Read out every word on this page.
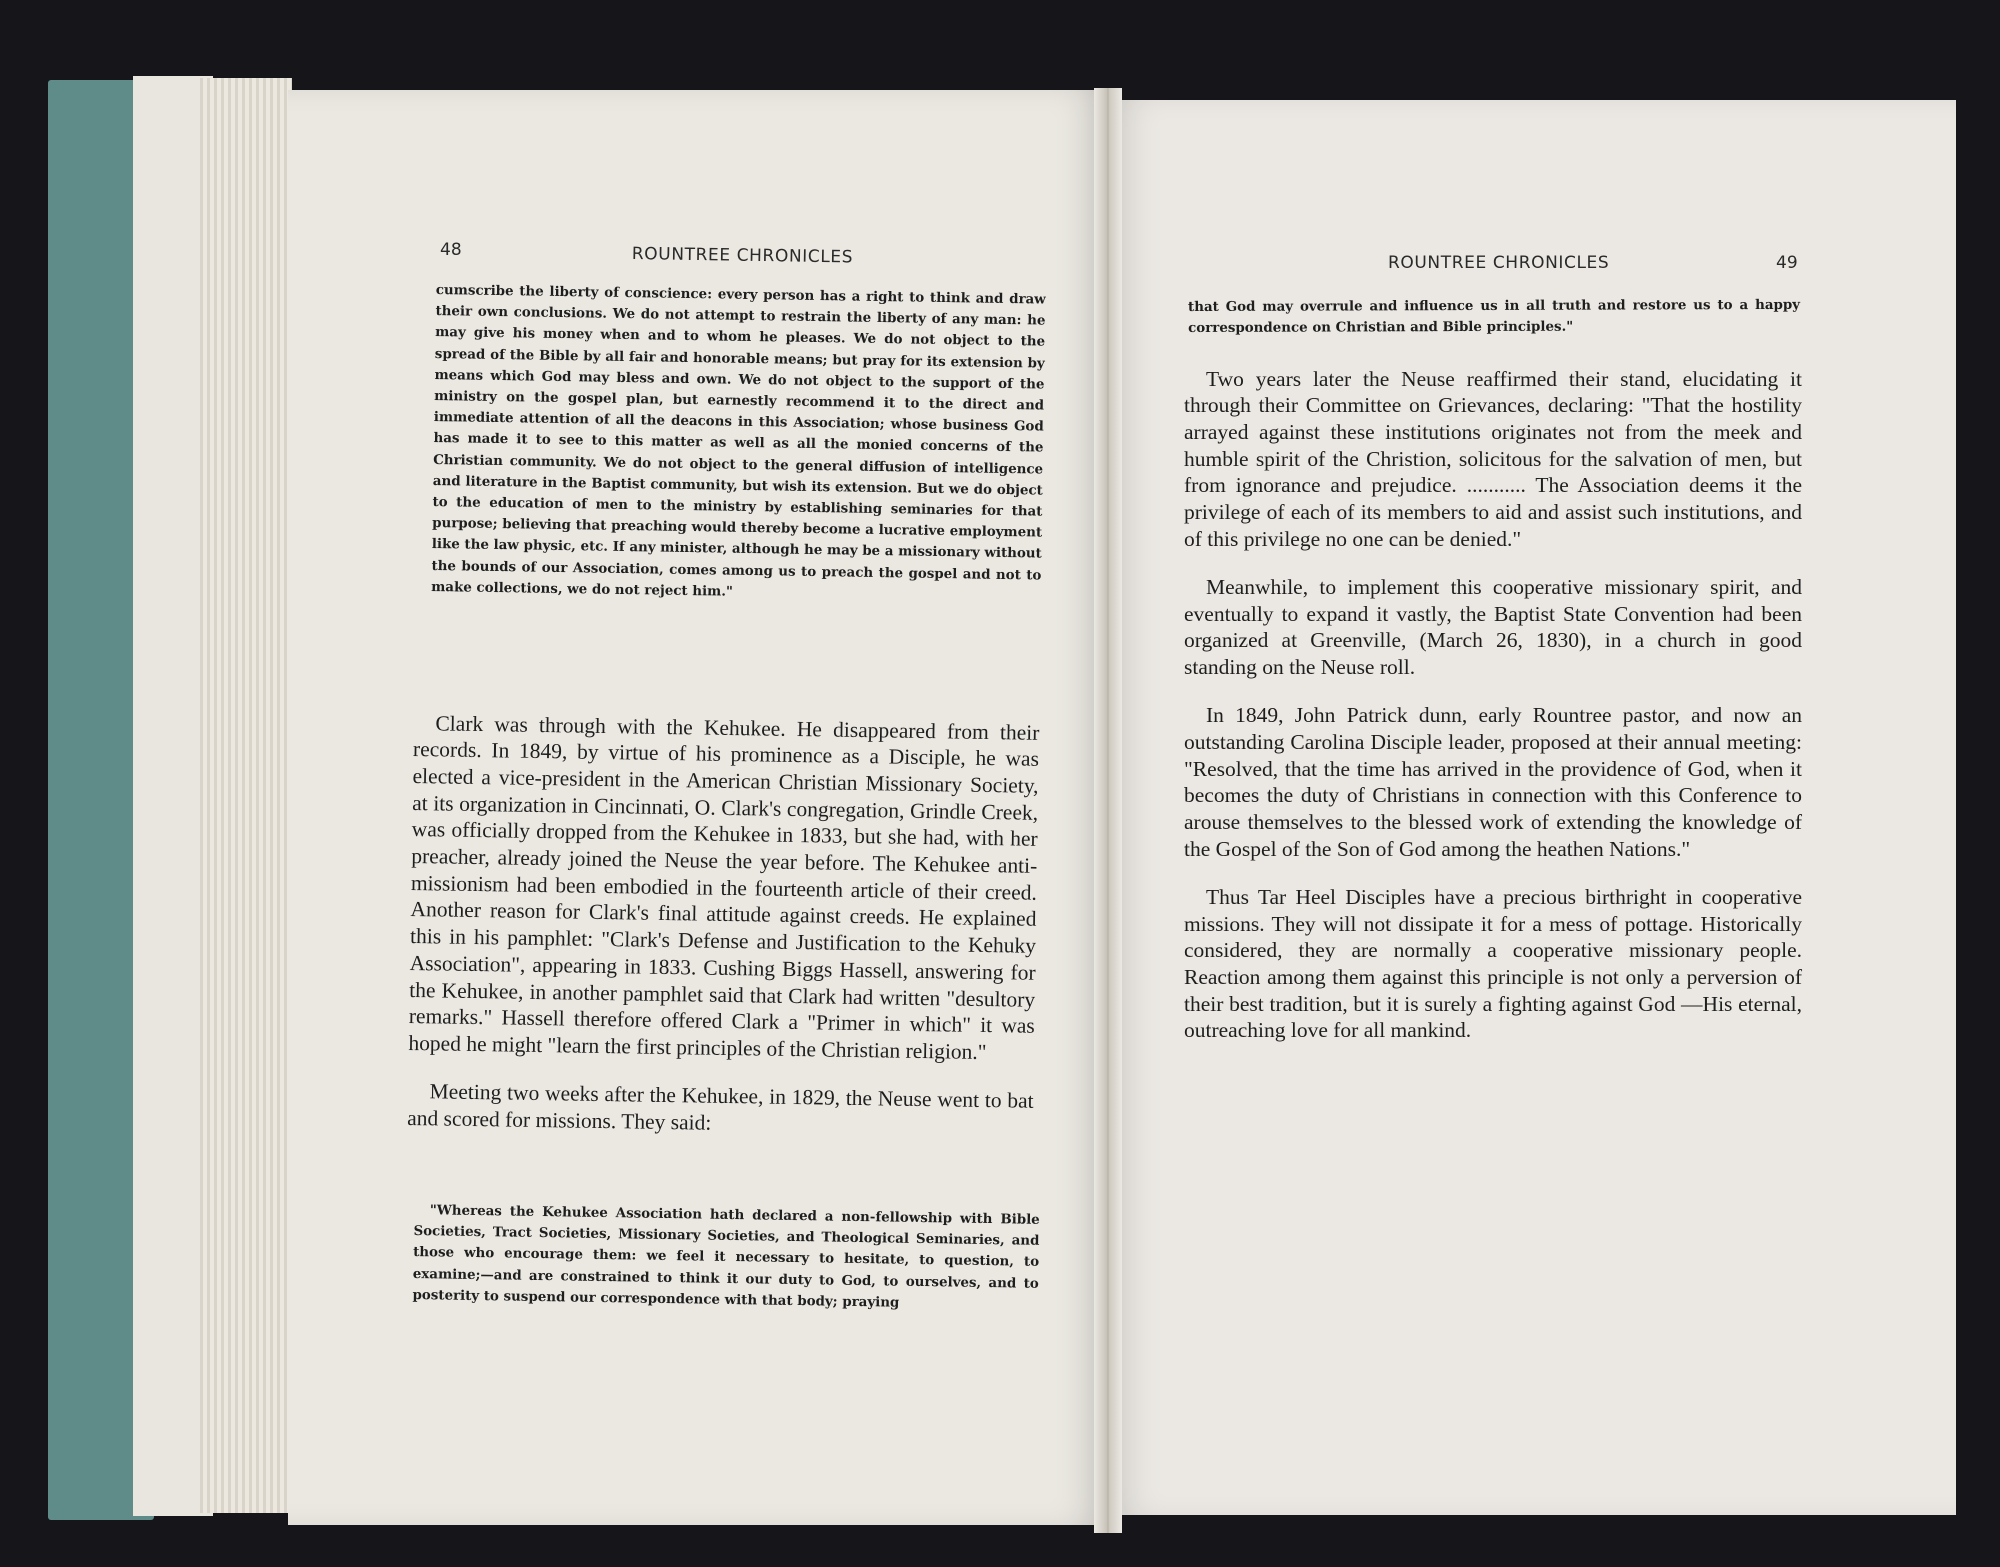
48	ROUNTREE CHRONICLES	ROUNTREE CHRONICLES	49

cumscribe the liberty of conscience: every person has a right to think and draw their own conclusions. We do not attempt to restrain the liberty of any man: he may give his money when and to whom he pleases. We do not object to the spread of the Bible by all fair and honorable means; but pray for its extension by means which God may bless and own. We do not object to the support of the ministry on the gospel plan, but earnestly recommend it to the direct and immediate attention of all the deacons in this Association; whose business God has made it to see to this matter as well as all the monied concerns of the Christian community. We do not object to the general diffusion of intelligence and literature in the Baptist community, but wish its extension. But we do object to the education of men to the ministry by establishing seminaries for that purpose; believing that preaching would thereby become a lucrative employment like the law physic, etc. If any minister, although he may be a missionary without the bounds of our Association, comes among us to preach the gospel and not to make collections, we do not reject him."

Clark was through with the Kehukee. He disappeared from their records. In 1849, by virtue of his prominence as a Disciple, he was elected a vice-president in the American Christian Missionary Society, at its organization in Cincinnati, O. Clark's congregation, Grindle Creek, was officially dropped from the Kehukee in 1833, but she had, with her preacher, already joined the Neuse the year before. The Kehukee anti-missionism had been embodied in the fourteenth article of their creed. Another reason for Clark's final attitude against creeds. He explained this in his pamphlet: "Clark's Defense and Justification to the Kehuky Association", appearing in 1833. Cushing Biggs Hassell, answering for the Kehukee, in another pamphlet said that Clark had written "desultory remarks." Hassell therefore offered Clark a "Primer in which" it was hoped he might "learn the first principles of the Christian religion."

Meeting two weeks after the Kehukee, in 1829, the Neuse went to bat and scored for missions. They said:

"Whereas the Kehukee Association hath declared a non-fellowship with Bible Societies, Tract Societies, Missionary Societies, and Theological Seminaries, and those who encourage them: we feel it necessary to hesitate, to question, to examine;—and are constrained to think it our duty to God, to ourselves, and to posterity to suspend our correspondence with that body; praying

that God may overrule and influence us in all truth and restore us to a happy correspondence on Christian and Bible principles."

Two years later the Neuse reaffirmed their stand, elucidating it through their Committee on Grievances, declaring: "That the hostility arrayed against these institutions originates not from the meek and humble spirit of the Christion, solicitous for the salvation of men, but from ignorance and prejudice. ........... The Association deems it the privilege of each of its members to aid and assist such institutions, and of this privilege no one can be denied."

Meanwhile, to implement this cooperative missionary spirit, and eventually to expand it vastly, the Baptist State Convention had been organized at Greenville, (March 26, 1830), in a church in good standing on the Neuse roll.

In 1849, John Patrick dunn, early Rountree pastor, and now an outstanding Carolina Disciple leader, proposed at their annual meeting: "Resolved, that the time has arrived in the providence of God, when it becomes the duty of Christians in connection with this Conference to arouse themselves to the blessed work of extending the knowledge of the Gospel of the Son of God among the heathen Nations."

Thus Tar Heel Disciples have a precious birthright in cooperative missions. They will not dissipate it for a mess of pottage. Historically considered, they are normally a cooperative missionary people. Reaction among them against this principle is not only a perversion of their best tradition, but it is surely a fighting against God —His eternal, outreaching love for all mankind.
